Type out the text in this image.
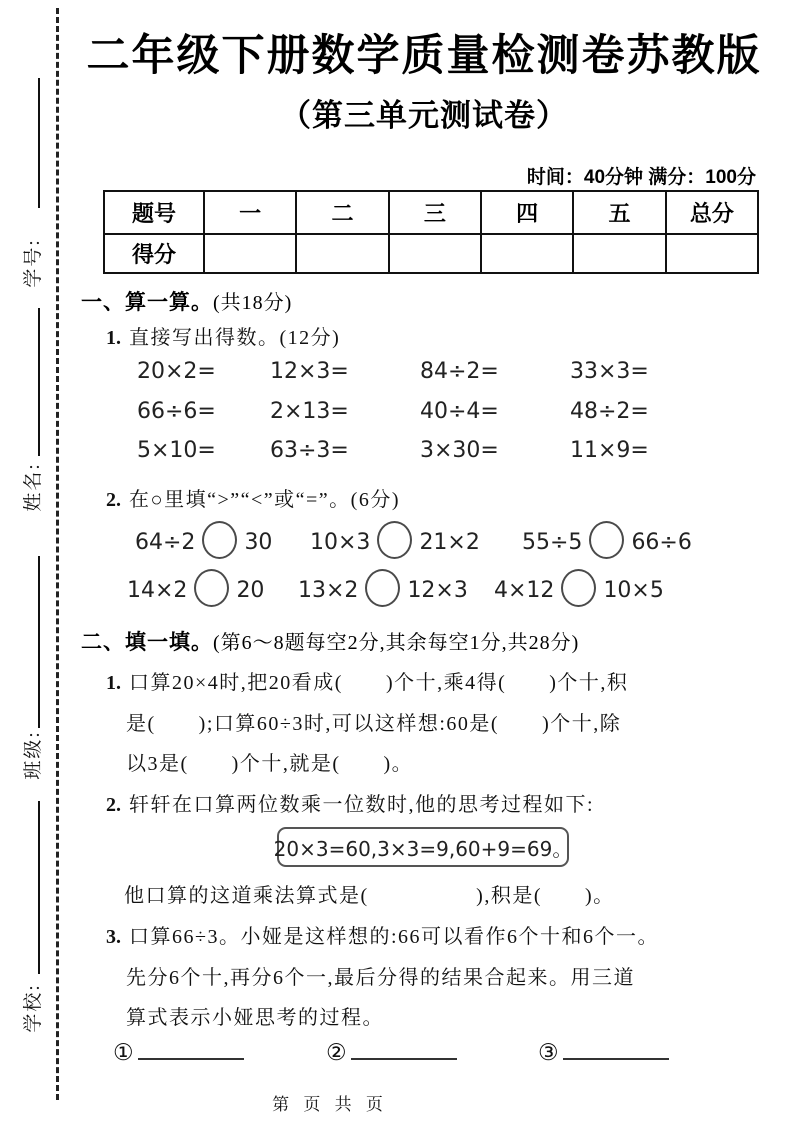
学号:
姓名:
班级:
学校:
二年级下册数学质量检测卷苏教版
（第三单元测试卷）
时间：40分钟 满分：100分
题号	一	二	三	四	五	总分
得分						
一、算一算。(共18分)
1. 直接写出得数。(12分)
20×2=	12×3=	84÷2=	33×3=
66÷6=	2×13=	40÷4=	48÷2=
5×10=	63÷3=	3×30=	11×9=
2. 在○里填“>”“<”或“=”。(6分)
64÷2 30 10×3 21×2 55÷5 66÷6
14×2 20 13×2 12×3 4×12 10×5
二、填一填。(第6～8题每空2分,其余每空1分,共28分)
1. 口算20×4时,把20看成(　　)个十,乘4得(　　)个十,积
是(　　);口算60÷3时,可以这样想:60是(　　)个十,除
以3是(　　)个十,就是(　　)。
2. 轩轩在口算两位数乘一位数时,他的思考过程如下:
20×3=60,3×3=9,60+9=69。
他口算的这道乘法算式是(　　　　　),积是(　　)。
3. 口算66÷3。小娅是这样想的:66可以看作6个十和6个一。
先分6个十,再分6个一,最后分得的结果合起来。用三道
算式表示小娅思考的过程。
①	②	③
第 页 共 页
